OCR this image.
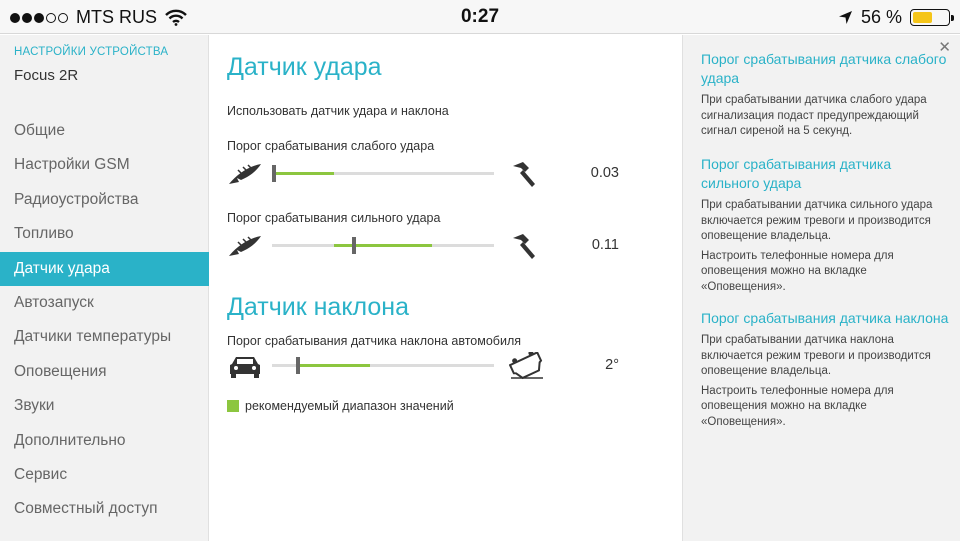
MTS RUS	0:27	56 %
НАСТРОЙКИ УСТРОЙСТВА
Focus 2R
Общие
Настройки GSM
Радиоустройства
Топливо
Датчик удара
Автозапуск
Датчики температуры
Оповещения
Звуки
Дополнительно
Сервис
Совместный доступ
Датчик удара
Использовать датчик удара и наклона
Порог срабатывания слабого удара
0.03
Порог срабатывания сильного удара
0.11
Датчик наклона
Порог срабатывания датчика наклона автомобиля
2°
рекомендуемый диапазон значений
✕
Порог срабатывания датчика слабого удара
При срабатывании датчика слабого удара сигнализация подаст предупреждающий сигнал сиреной на 5 секунд.
Порог срабатывания датчика сильного удара
При срабатывании датчика сильного удара включается режим тревоги и производится оповещение владельца.
Настроить телефонные номера для оповещения можно на вкладке «Оповещения».
Порог срабатывания датчика наклона
При срабатывании датчика наклона включается режим тревоги и производится оповещение владельца.
Настроить телефонные номера для оповещения можно на вкладке «Оповещения».
